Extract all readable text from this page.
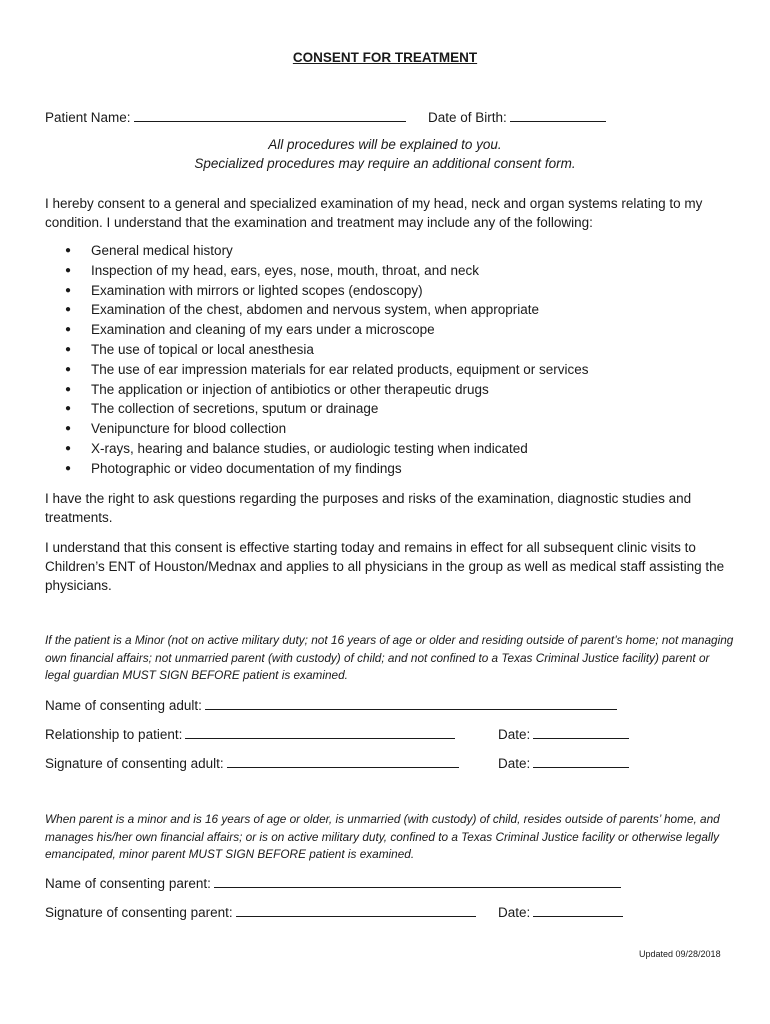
CONSENT FOR TREATMENT
Patient Name:	Date of Birth:
All procedures will be explained to you.
Specialized procedures may require an additional consent form.

I hereby consent to a general and specialized examination of my head, neck and organ systems relating to my condition. I understand that the examination and treatment may include any of the following:

●	General medical history
●	Inspection of my head, ears, eyes, nose, mouth, throat, and neck
●	Examination with mirrors or lighted scopes (endoscopy)
●	Examination of the chest, abdomen and nervous system, when appropriate
●	Examination and cleaning of my ears under a microscope
●	The use of topical or local anesthesia
●	The use of ear impression materials for ear related products, equipment or services
●	The application or injection of antibiotics or other therapeutic drugs
●	The collection of secretions, sputum or drainage
●	Venipuncture for blood collection
●	X-rays, hearing and balance studies, or audiologic testing when indicated
●	Photographic or video documentation of my findings

I have the right to ask questions regarding the purposes and risks of the examination, diagnostic studies and treatments.

I understand that this consent is effective starting today and remains in effect for all subsequent clinic visits to Children’s ENT of Houston/Mednax and applies to all physicians in the group as well as medical staff assisting the physicians.

If the patient is a Minor (not on active military duty; not 16 years of age or older and residing outside of parent’s home; not managing own financial affairs; not unmarried parent (with custody) of child; and not confined to a Texas Criminal Justice facility) parent or legal guardian MUST SIGN BEFORE patient is examined.

Name of consenting adult:
Relationship to patient:	Date:
Signature of consenting adult:	Date:

When parent is a minor and is 16 years of age or older, is unmarried (with custody) of child, resides outside of parents’ home, and manages his/her own financial affairs; or is on active military duty, confined to a Texas Criminal Justice facility or otherwise legally emancipated, minor parent MUST SIGN BEFORE patient is examined.

Name of consenting parent:
Signature of consenting parent:	Date:
Updated 09/28/2018
